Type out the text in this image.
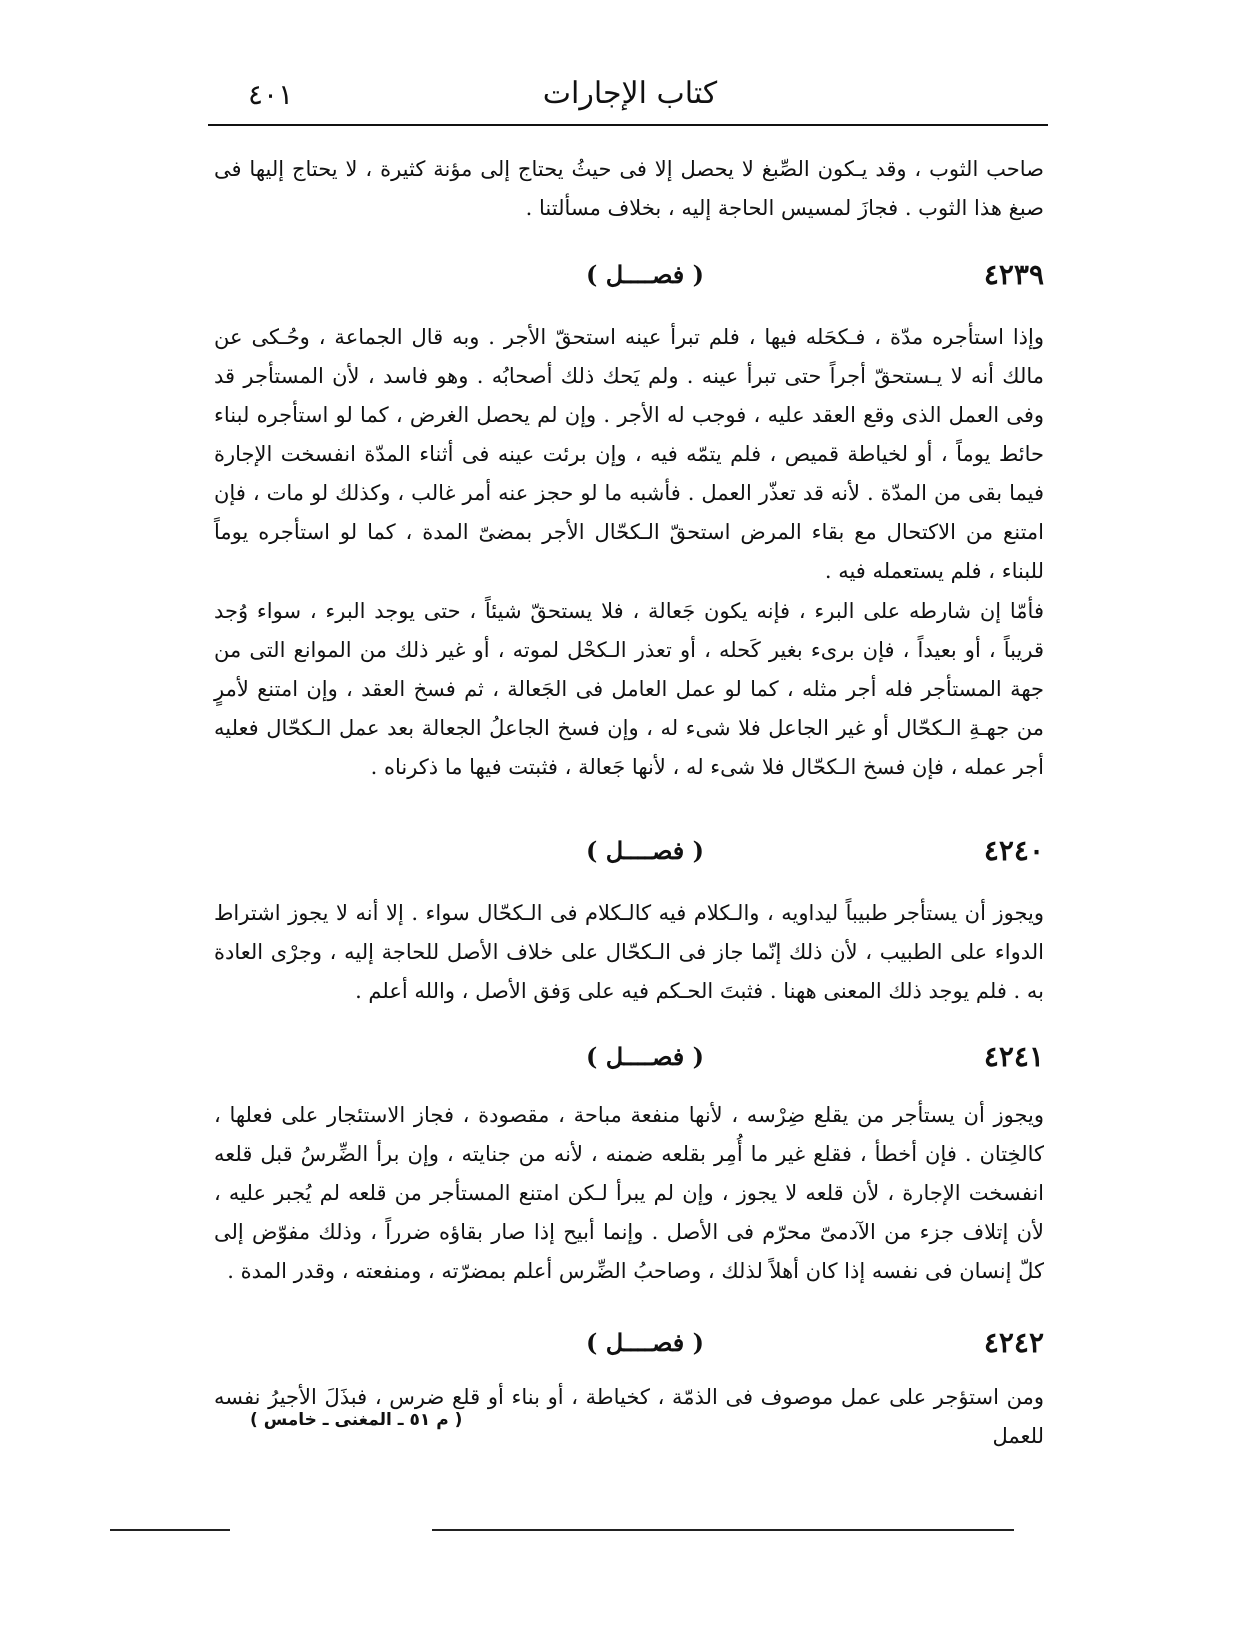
كتاب الإجارات
٤٠١
صاحب الثوب ، وقد يـكون الصِّبغ لا يحصل إلا فى حيثُ يحتاج إلى مؤنة كثيرة ، لا يحتاج إليها فى صبغ هذا الثوب . فجازَ لمسيس الحاجة إليه ، بخلاف مسألتنا .
٤٢٣٩
( فصــــل )
وإذا استأجره مدّة ، فـكحَله فيها ، فلم تبرأ عينه استحقّ الأجر . وبه قال الجماعة ، وحُـكى عن مالك أنه لا يـستحقّ أجراً حتى تبرأ عينه . ولم يَحك ذلك أصحابُه . وهو فاسد ، لأن المستأجر قد وفى العمل الذى وقع العقد عليه ، فوجب له الأجر . وإن لم يحصل الغرض ، كما لو استأجره لبناء حائط يوماً ، أو لخياطة قميص ، فلم يتمّه فيه ، وإن برئت عينه فى أثناء المدّة انفسخت الإجارة فيما بقى من المدّة . لأنه قد تعذّر العمل . فأشبه ما لو حجز عنه أمر غالب ، وكذلك لو مات ، فإن امتنع من الاكتحال مع بقاء المرض استحقّ الـكحّال الأجر بمضىّ المدة ، كما لو استأجره يوماً للبناء ، فلم يستعمله فيه .
فأمّا إن شارطه على البرء ، فإنه يكون جَعالة ، فلا يستحقّ شيئاً ، حتى يوجد البرء ، سواء وُجد قريباً ، أو بعيداً ، فإن برىء بغير كَحله ، أو تعذر الـكحْل لموته ، أو غير ذلك من الموانع التى من جهة المستأجر فله أجر مثله ، كما لو عمل العامل فى الجَعالة ، ثم فسخ العقد ، وإن امتنع لأمرٍ من جهـةِ الـكحّال أو غير الجاعل فلا شىء له ، وإن فسخ الجاعلُ الجعالة بعد عمل الـكحّال فعليه أجر عمله ، فإن فسخ الـكحّال فلا شىء له ، لأنها جَعالة ، فثبتت فيها ما ذكرناه .
٤٢٤٠
( فصــــل )
ويجوز أن يستأجر طبيباً ليداويه ، والـكلام فيه كالـكلام فى الـكحّال سواء . إلا أنه لا يجوز اشتراط الدواء على الطبيب ، لأن ذلك إنّما جاز فى الـكحّال على خلاف الأصل للحاجة إليه ، وجرْى العادة به . فلم يوجد ذلك المعنى ههنا . فثبتَ الحـكم فيه على وَفق الأصل ، والله أعلم .
٤٢٤١
( فصــــل )
ويجوز أن يستأجر من يقلع ضِرْسه ، لأنها منفعة مباحة ، مقصودة ، فجاز الاستئجار على فعلها ، كالخِتان . فإن أخطأ ، فقلع غير ما أُمِر بقلعه ضمنه ، لأنه من جنايته ، وإن برأ الضِّرسُ قبل قلعه انفسخت الإجارة ، لأن قلعه لا يجوز ، وإن لم يبرأ لـكن امتنع المستأجر من قلعه لم يُجبر عليه ، لأن إتلاف جزء من الآدمىّ محرّم فى الأصل . وإنما أبيح إذا صار بقاؤه ضرراً ، وذلك مفوّض إلى كلّ إنسان فى نفسه إذا كان أهلاً لذلك ، وصاحبُ الضِّرس أعلم بمضرّته ، ومنفعته ، وقدر المدة .
٤٢٤٢
( فصــــل )
ومن استؤجر على عمل موصوف فى الذمّة ، كخياطة ، أو بناء أو قلع ضرس ، فبذَلَ الأجيرُ نفسه للعمل
( م ٥١ ـ المغنى ـ خامس )
